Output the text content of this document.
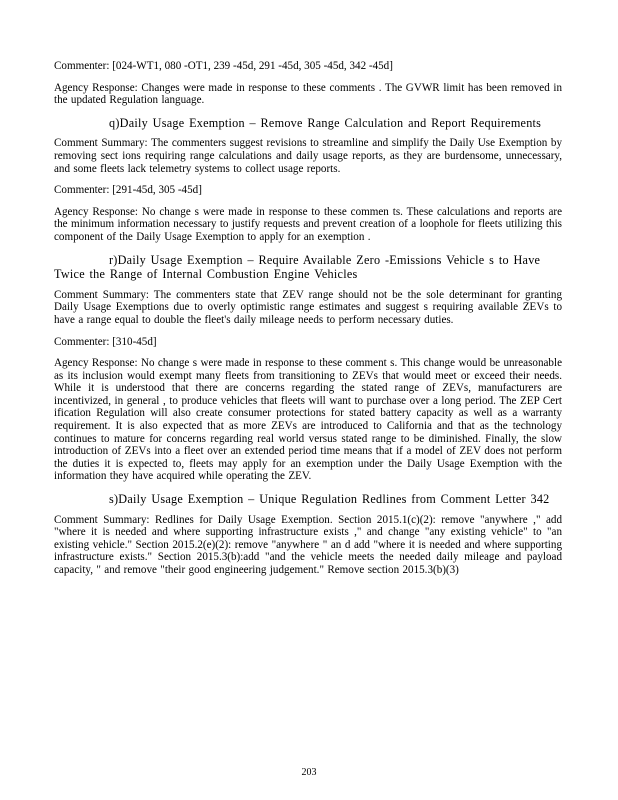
Commenter: [024-WT1, 080 -OT1, 239 -45d, 291 -45d, 305 -45d, 342 -45d]

Agency Response: Changes were made in response to these comments . The GVWR limit has been removed in the updated Regulation language.

q)Daily Usage Exemption – Remove Range Calculation and Report Requirements

Comment Summary: The commenters suggest revisions to streamline and simplify the Daily Use Exemption by removing sect ions requiring range calculations and daily usage reports, as they are burdensome, unnecessary, and some fleets lack telemetry systems to collect usage reports.

Commenter: [291-45d, 305 -45d]

Agency Response: No change s were made in response to these commen ts. These calculations and reports are the minimum information necessary to justify requests and prevent creation of a loophole for fleets utilizing this component of the Daily Usage Exemption to apply for an exemption .

r)Daily Usage Exemption – Require Available Zero -Emissions Vehicle s to Have Twice the Range of Internal Combustion Engine Vehicles

Comment Summary: The commenters state that ZEV range should not be the sole determinant for granting Daily Usage Exemptions due to overly optimistic range estimates and suggest s requiring available ZEVs to have a range equal to double the fleet's daily mileage needs to perform necessary duties.

Commenter: [310-45d]

Agency Response: No change s were made in response to these comment s. This change would be unreasonable as its inclusion would exempt many fleets from transitioning to ZEVs that would meet or exceed their needs. While it is understood that there are concerns regarding the stated range of ZEVs, manufacturers are incentivized, in general , to produce vehicles that fleets will want to purchase over a long period. The ZEP Cert ification Regulation will also create consumer protections for stated battery capacity as well as a warranty requirement. It is also expected that as more ZEVs are introduced to California and that as the technology continues to mature for concerns regarding real world versus stated range to be diminished. Finally, the slow introduction of ZEVs into a fleet over an extended period time means that if a model of ZEV does not perform the duties it is expected to, fleets may apply for an exemption under the Daily Usage Exemption with the information they have acquired while operating the ZEV.

s)Daily Usage Exemption – Unique Regulation Redlines from Comment Letter 342

Comment Summary: Redlines for Daily Usage Exemption. Section 2015.1(c)(2): remove "anywhere ," add "where it is needed and where supporting infrastructure exists ," and change "any existing vehicle" to "an existing vehicle." Section 2015.2(e)(2): remove "anywhere " an d add "where it is needed and where supporting infrastructure exists." Section 2015.3(b):add "and the vehicle meets the needed daily mileage and payload capacity, " and remove "their good engineering judgement." Remove section 2015.3(b)(3)

203
